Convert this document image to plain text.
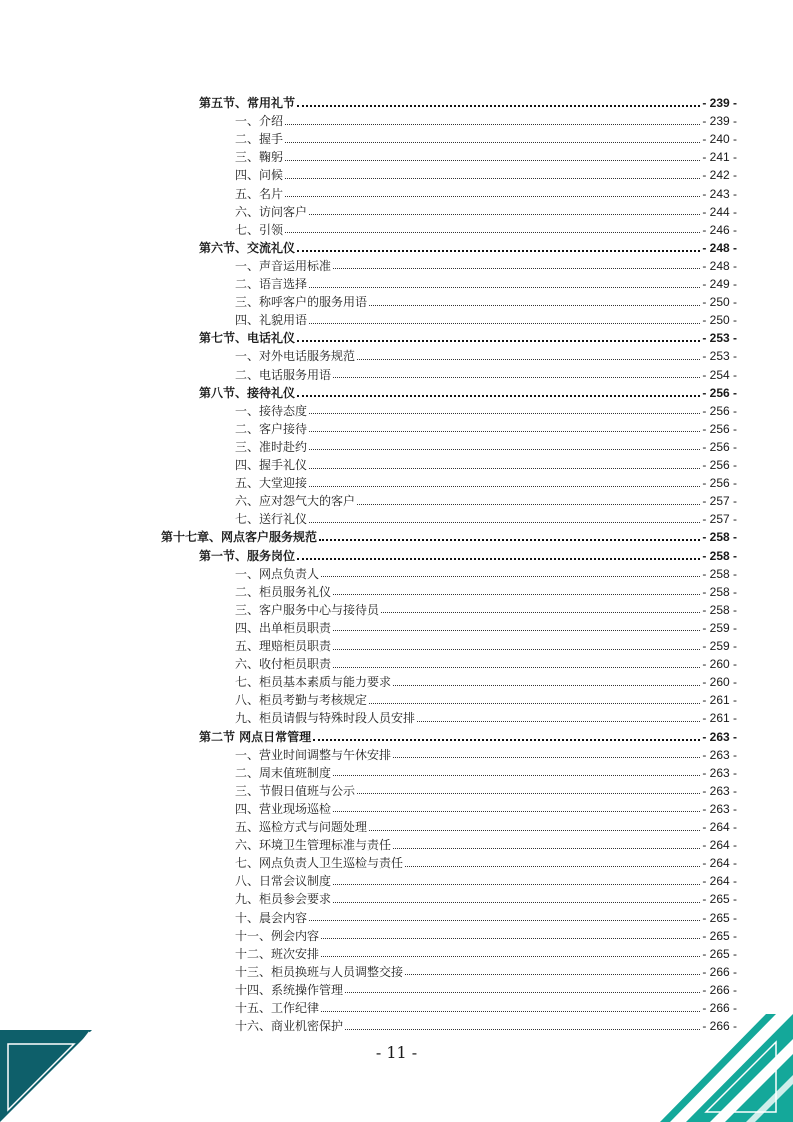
第五节、常用礼节	- 239 -
一、介绍	- 239 -
二、握手	- 240 -
三、鞠躬	- 241 -
四、问候	- 242 -
五、名片	- 243 -
六、访问客户	- 244 -
七、引领	- 246 -
第六节、交流礼仪	- 248 -
一、声音运用标准	- 248 -
二、语言选择	- 249 -
三、称呼客户的服务用语	- 250 -
四、礼貌用语	- 250 -
第七节、电话礼仪	- 253 -
一、对外电话服务规范	- 253 -
二、电话服务用语	- 254 -
第八节、接待礼仪	- 256 -
一、接待态度	- 256 -
二、客户接待	- 256 -
三、准时赴约	- 256 -
四、握手礼仪	- 256 -
五、大堂迎接	- 256 -
六、应对怨气大的客户	- 257 -
七、送行礼仪	- 257 -
第十七章、网点客户服务规范	- 258 -
第一节、服务岗位	- 258 -
一、网点负责人	- 258 -
二、柜员服务礼仪	- 258 -
三、客户服务中心与接待员	- 258 -
四、出单柜员职责	- 259 -
五、理赔柜员职责	- 259 -
六、收付柜员职责	- 260 -
七、柜员基本素质与能力要求	- 260 -
八、柜员考勤与考核规定	- 261 -
九、柜员请假与特殊时段人员安排	- 261 -
第二节 网点日常管理	- 263 -
一、营业时间调整与午休安排	- 263 -
二、周末值班制度	- 263 -
三、节假日值班与公示	- 263 -
四、营业现场巡检	- 263 -
五、巡检方式与问题处理	- 264 -
六、环境卫生管理标准与责任	- 264 -
七、网点负责人卫生巡检与责任	- 264 -
八、日常会议制度	- 264 -
九、柜员参会要求	- 265 -
十、晨会内容	- 265 -
十一、例会内容	- 265 -
十二、班次安排	- 265 -
十三、柜员换班与人员调整交接	- 266 -
十四、系统操作管理	- 266 -
十五、工作纪律	- 266 -
十六、商业机密保护	- 266 -
- 11 -
